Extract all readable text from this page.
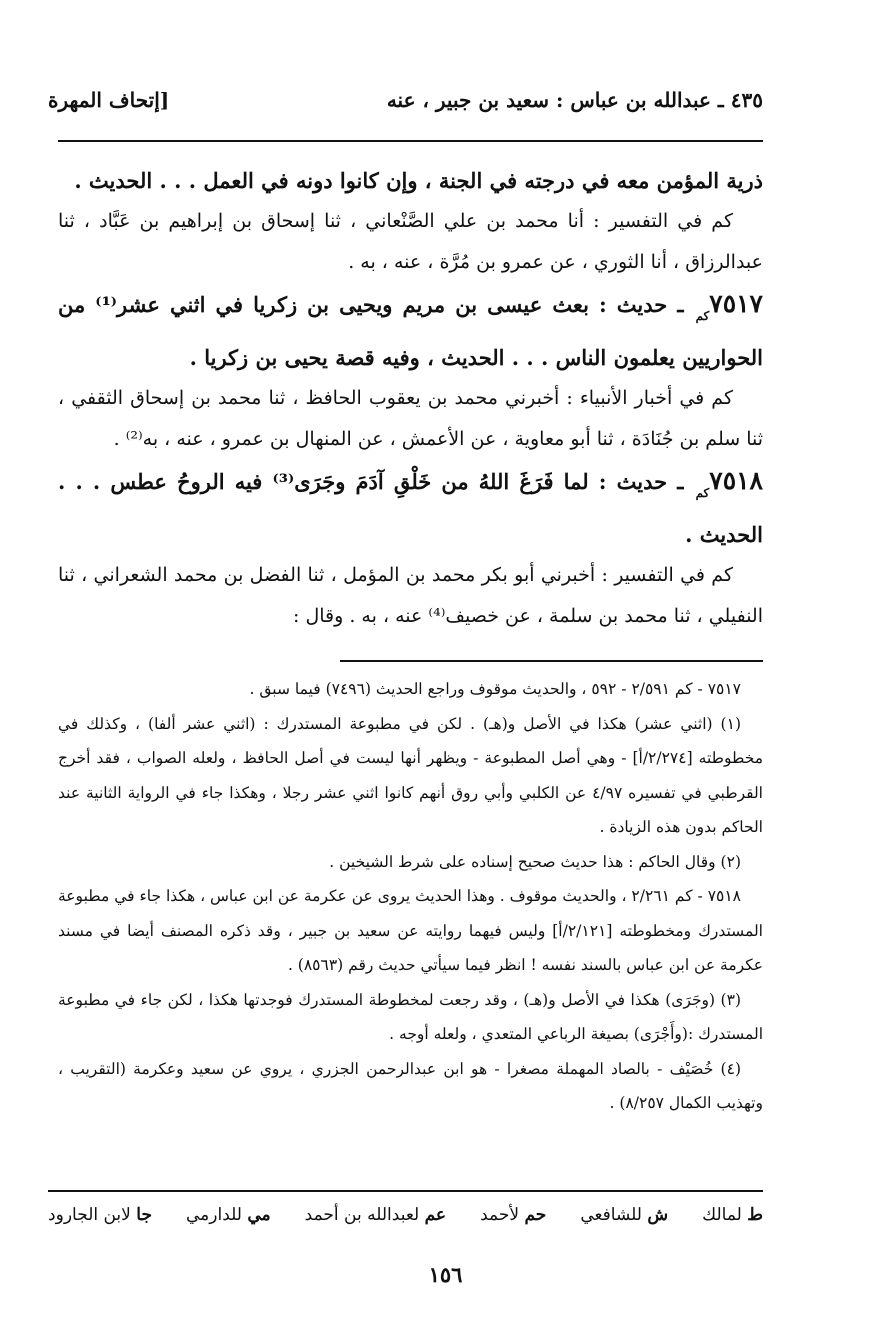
٤٣٥ ـ عبدالله بن عباس : سعيد بن جبير ، عنه
[إتحاف المهرة

ذرية المؤمن معه في درجته في الجنة ، وإن كانوا دونه في العمل . . . الحديث .

كم في التفسير : أنا محمد بن علي الصَّنْعاني ، ثنا إسحاق بن إبراهيم بن عَبَّاد ، ثنا عبدالرزاق ، أنا الثوري ، عن عمرو بن مُرَّة ، عنه ، به .

$٧٥١٧_{كم}$ ـ حديث : بعث عيسى بن مريم ويحيى بن زكريا في اثني عشر⁽¹⁾ من الحواريين يعلمون الناس . . . الحديث ، وفيه قصة يحيى بن زكريا .

كم في أخبار الأنبياء : أخبرني محمد بن يعقوب الحافظ ، ثنا محمد بن إسحاق الثقفي ، ثنا سلم بن جُنَادَة ، ثنا أبو معاوية ، عن الأعمش ، عن المنهال بن عمرو ، عنه ، به⁽²⁾ .

$٧٥١٨_{كم}$ ـ حديث : لما فَرَغَ اللهُ من خَلْقِ آدَمَ وجَرَى⁽³⁾ فيه الروحُ عطس . . . الحديث .

كم في التفسير : أخبرني أبو بكر محمد بن المؤمل ، ثنا الفضل بن محمد الشعراني ، ثنا النفيلي ، ثنا محمد بن سلمة ، عن خصيف⁽⁴⁾ عنه ، به . وقال :

٧٥١٧ - كم ٢/٥٩١ - ٥٩٢ ، والحديث موقوف وراجع الحديث (٧٤٩٦) فيما سبق .

(١) (اثني عشر) هكذا في الأصل و(هـ) . لكن في مطبوعة المستدرك : (اثني عشر ألفا) ، وكذلك في مخطوطته [٢/٢٧٤/أ] - وهي أصل المطبوعة - ويظهر أنها ليست في أصل الحافظ ، ولعله الصواب ، فقد أخرج القرطبي في تفسيره ٤/٩٧ عن الكلبي وأبي روق أنهم كانوا اثني عشر رجلا ، وهكذا جاء في الرواية الثانية عند الحاكم بدون هذه الزيادة .

(٢) وقال الحاكم : هذا حديث صحيح إسناده على شرط الشيخين .

٧٥١٨ - كم ٢/٢٦١ ، والحديث موقوف . وهذا الحديث يروى عن عكرمة عن ابن عباس ، هكذا جاء في مطبوعة المستدرك ومخطوطته [٢/١٢١/أ] وليس فيهما روايته عن سعيد بن جبير ، وقد ذكره المصنف أيضا في مسند عكرمة عن ابن عباس بالسند نفسه ! انظر فيما سيأتي حديث رقم (٨٥٦٣) .

(٣) (وجَرَى) هكذا في الأصل و(هـ) ، وقد رجعت لمخطوطة المستدرك فوجدتها هكذا ، لكن جاء في مطبوعة المستدرك :(وأَجْرَى) بصيغة الرباعي المتعدي ، ولعله أوجه .

(٤) خُصَيْف - بالصاد المهملة مصغرا - هو ابن عبدالرحمن الجزري ، يروي عن سعيد وعكرمة (التقريب ، وتهذيب الكمال ٨/٢٥٧) .

ط لمالك
ش للشافعي
حم لأحمد
عم لعبدالله بن أحمد
مي للدارمي
جا لابن الجارود
١٥٦
